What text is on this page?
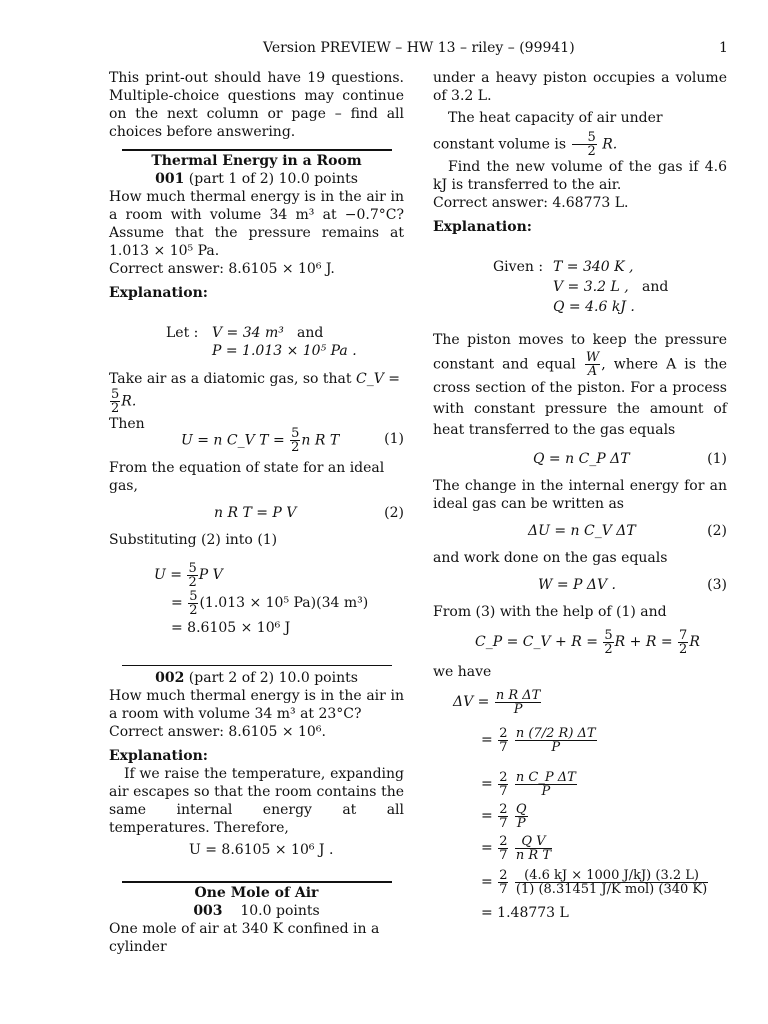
Version PREVIEW – HW 13 – riley – (99941)	1

This print-out should have 19 questions. Multiple-choice questions may continue on the next column or page – find all choices before answering.

Thermal Energy in a Room

001 (part 1 of 2) 10.0 points

How much thermal energy is in the air in a room with volume 34 m³ at −0.7°C? Assume that the pressure remains at 1.013 × 10⁵ Pa.

Correct answer: 8.6105 × 10⁶ J.

Explanation:

Let : V = 34 m³ and
P = 1.013 × 10⁵ Pa .

Take air as a diatomic gas, so that C_V =
$\frac{5}{2} R$.

Then

U = n C_V $T = \frac{5}{2}$ n R T	(1)

From the equation of state for an ideal gas,

n R T = P V	(2)

Substituting (2) into (1)

$U = \frac{5}{2}$ P V
= $\frac{5}{2} (1.013 \times 10^5$ Pa)(34 m³)
= 8.6105 × 10⁶ J

002 (part 2 of 2) 10.0 points

How much thermal energy is in the air in a room with volume 34 m³ at 23°C?

Correct answer: 8.6105 × 10⁶.

Explanation:

If we raise the temperature, expanding air escapes so that the room contains the same internal energy at all temperatures. Therefore,

U = 8.6105 × 10⁶ J .

One Mole of Air

003 10.0 points

One mole of air at 340 K confined in a cylinder

under a heavy piston occupies a volume of 3.2 L.

The heat capacity of air under constant volume is $\frac{5}{2} R$.

Find the new volume of the gas if 4.6 kJ is transferred to the air.

Correct answer: 4.68773 L.

Explanation:

Given : T = 340 K ,
V = 3.2 L , and
Q = 4.6 kJ .

The piston moves to keep the pressure constant and equal $\frac{W}{A}$ , where A is the cross section of the piston. For a process with constant pressure the amount of heat transferred to the gas equals

Q = n C_P ΔT	(1)

The change in the internal energy for an ideal gas can be written as

ΔU = n C_V ΔT	(2)

and work done on the gas equals

W = P ΔV .	(3)

From (3) with the help of (1) and

C_P = C_V + $R = \frac{5}{2}$ $R + R = \frac{7}{2}$ R

we have

$\Delta V = \frac{\text{n R ΔT}}{P}$
= $\frac{2}{7}$
$\frac{n (7/2 R) \Delta T}{P}$
= $\frac{2}{7}$
$\frac{\text{n C\_P ΔT}}{P}$
= $\frac{2}{7}$
$\frac{Q}{P}$
= $\frac{2}{7}$
$\frac{\text{Q V}}{\text{n R T}}$
= $\frac{2}{7}$
$\frac{(4.6 kJ \times 1000 J/kJ) (3.2 L)}{\text{(1) (8.31451 J/K mol) (340 K)}}$
= 1.48773 L
